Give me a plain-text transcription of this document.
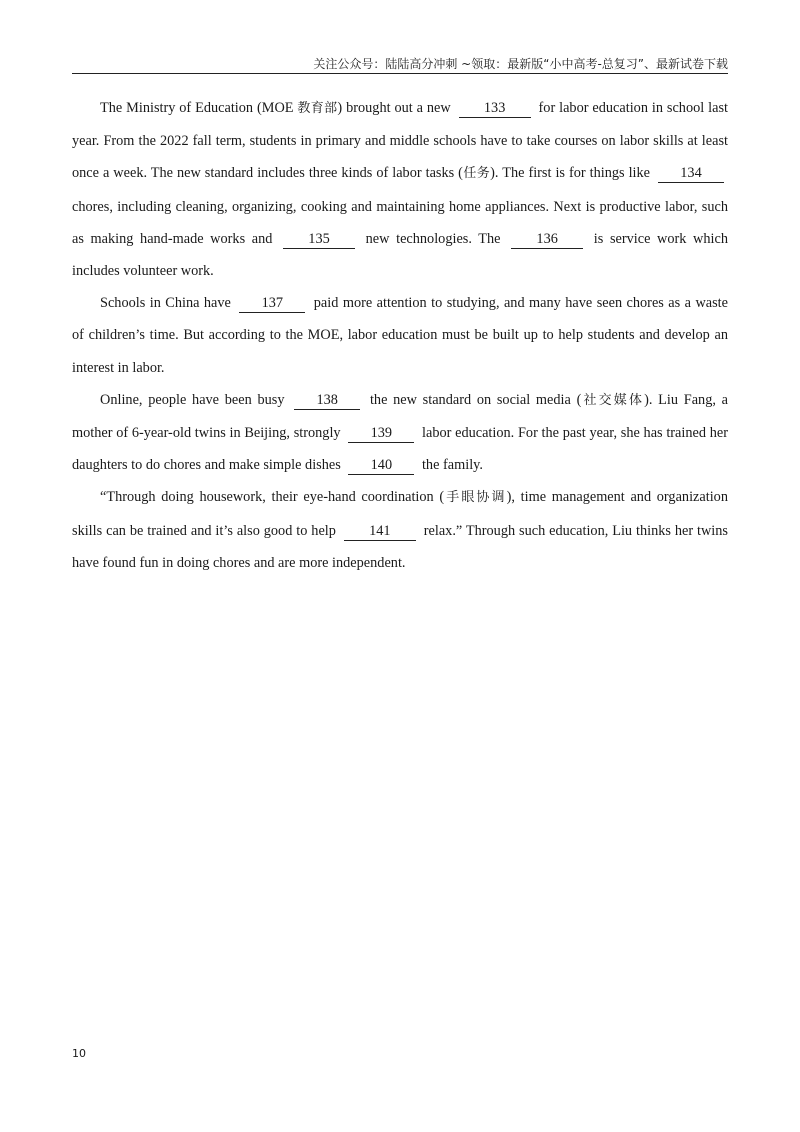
关注公众号：陆陆高分冲刺 ~领取：最新版“小中高考-总复习”、最新试卷下载

The Ministry of Education (MOE 教育部) brought out a new 133 for labor education in school last year. From the 2022 fall term, students in primary and middle schools have to take courses on labor skills at least once a week. The new standard includes three kinds of labor tasks (任务). The first is for things like 134 chores, including cleaning, organizing, cooking and maintaining home appliances. Next is productive labor, such as making hand-made works and 135 new technologies. The 136 is service work which includes volunteer work.

Schools in China have 137 paid more attention to studying, and many have seen chores as a waste of children’s time. But according to the MOE, labor education must be built up to help students and develop an interest in labor.

Online, people have been busy 138 the new standard on social media (社交媒体). Liu Fang, a mother of 6-year-old twins in Beijing, strongly 139 labor education. For the past year, she has trained her daughters to do chores and make simple dishes 140 the family.

“Through doing housework, their eye-hand coordination (手眼协调), time management and organization skills can be trained and it’s also good to help 141 relax.” Through such education, Liu thinks her twins have found fun in doing chores and are more independent.

10
